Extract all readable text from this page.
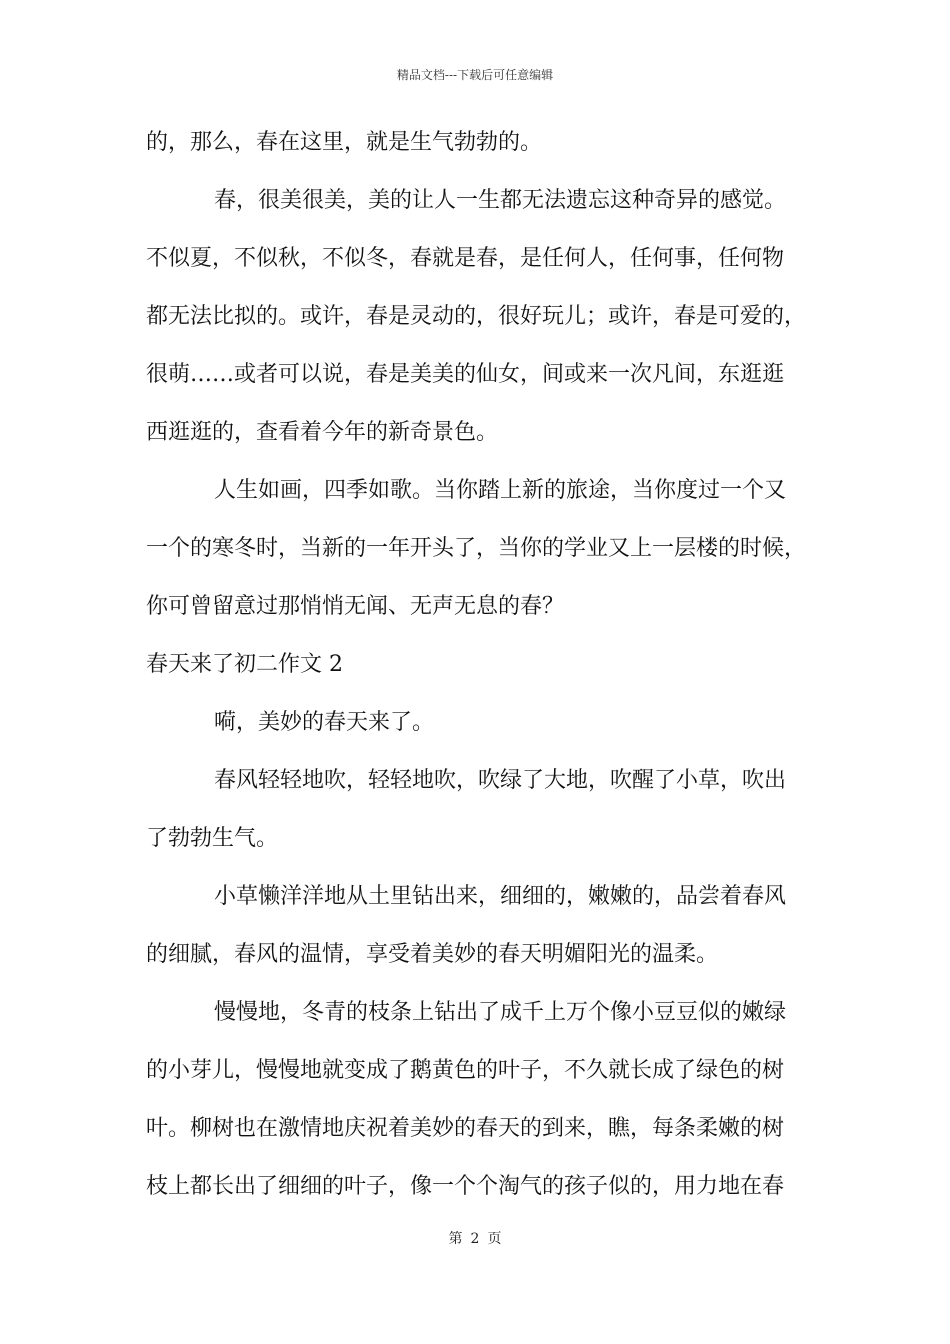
精品文档---下载后可任意编辑
的，那么，春在这里，就是生气勃勃的。
春，很美很美，美的让人一生都无法遗忘这种奇异的感觉。
不似夏，不似秋，不似冬，春就是春，是任何人，任何事，任何物
都无法比拟的。或许，春是灵动的，很好玩儿；或许，春是可爱的，
很萌……或者可以说，春是美美的仙女，间或来一次凡间，东逛逛
西逛逛的，查看着今年的新奇景色。
人生如画，四季如歌。当你踏上新的旅途，当你度过一个又
一个的寒冬时，当新的一年开头了，当你的学业又上一层楼的时候，
你可曾留意过那悄悄无闻、无声无息的春？
春天来了初二作文 2
嗬，美妙的春天来了。
春风轻轻地吹，轻轻地吹，吹绿了大地，吹醒了小草，吹出
了勃勃生气。
小草懒洋洋地从土里钻出来，细细的，嫩嫩的，品尝着春风
的细腻，春风的温情，享受着美妙的春天明媚阳光的温柔。
慢慢地，冬青的枝条上钻出了成千上万个像小豆豆似的嫩绿
的小芽儿，慢慢地就变成了鹅黄色的叶子，不久就长成了绿色的树
叶。柳树也在激情地庆祝着美妙的春天的到来，瞧，每条柔嫩的树
枝上都长出了细细的叶子，像一个个淘气的孩子似的，用力地在春
第 2 页
